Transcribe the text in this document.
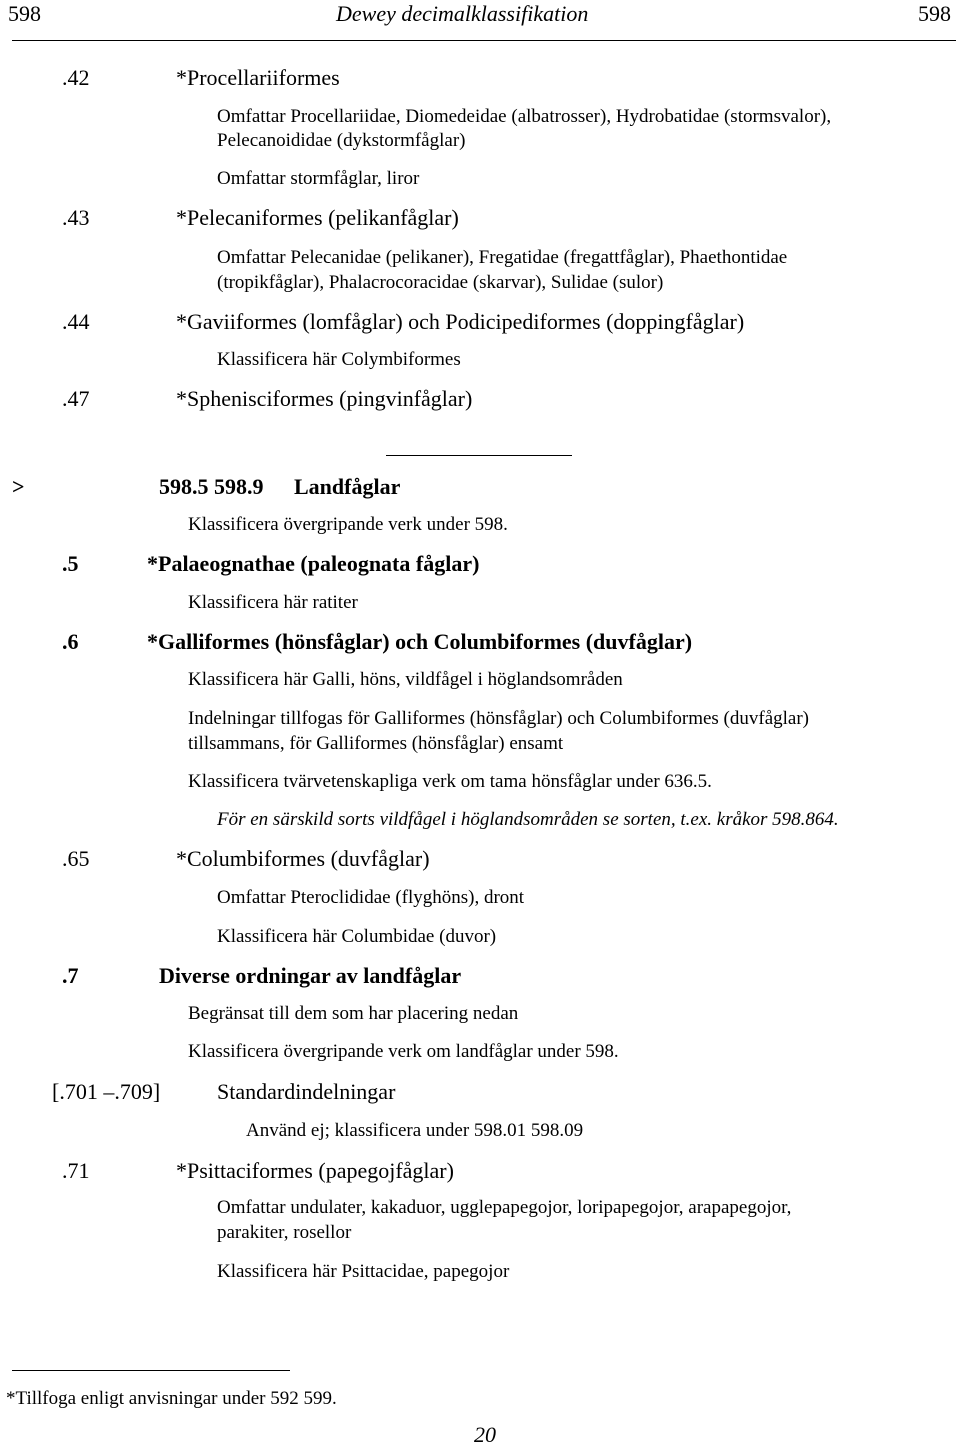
598	Dewey decimalklassifikation	598
.42	*Procellariiformes
Omfattar Procellariidae, Diomedeidae (albatrosser), Hydrobatidae (stormsvalor),
Pelecanoididae (dykstormfåglar)
Omfattar stormfåglar, liror
.43	*Pelecaniformes (pelikanfåglar)
Omfattar Pelecanidae (pelikaner), Fregatidae (fregattfåglar), Phaethontidae
(tropikfåglar), Phalacrocoracidae (skarvar), Sulidae (sulor)
.44	*Gaviiformes (lomfåglar) och Podicipediformes (doppingfåglar)
Klassificera här Colymbiformes
.47	*Sphenisciformes (pingvinfåglar)
>	598.5 598.9 Landfåglar
Klassificera övergripande verk under 598.
.5	*Palaeognathae (paleognata fåglar)
Klassificera här ratiter
.6	*Galliformes (hönsfåglar) och Columbiformes (duvfåglar)
Klassificera här Galli, höns, vildfågel i höglandsområden
Indelningar tillfogas för Galliformes (hönsfåglar) och Columbiformes (duvfåglar)
tillsammans, för Galliformes (hönsfåglar) ensamt
Klassificera tvärvetenskapliga verk om tama hönsfåglar under 636.5.
För en särskild sorts vildfågel i höglandsområden se sorten, t.ex. kråkor 598.864.
.65	*Columbiformes (duvfåglar)
Omfattar Pteroclididae (flyghöns), dront
Klassificera här Columbidae (duvor)
.7	Diverse ordningar av landfåglar
Begränsat till dem som har placering nedan
Klassificera övergripande verk om landfåglar under 598.
[.701 –.709]	Standardindelningar
Använd ej; klassificera under 598.01 598.09
.71	*Psittaciformes (papegojfåglar)
Omfattar undulater, kakaduor, ugglepapegojor, loripapegojor, arapapegojor,
parakiter, rosellor
Klassificera här Psittacidae, papegojor
*Tillfoga enligt anvisningar under 592 599.
20
